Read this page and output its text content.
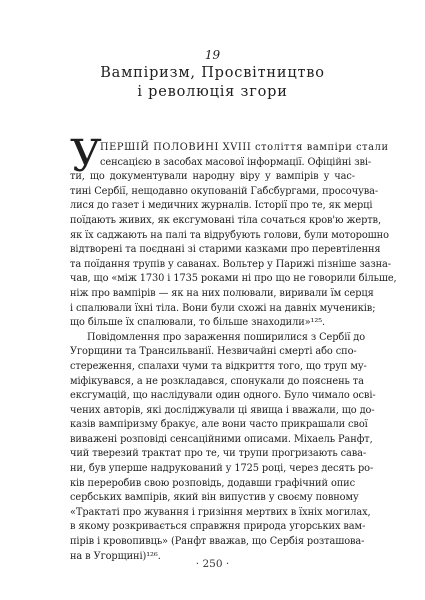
19
Вампіризм, Просвітництво
і революція згори
У
ПЕРШІЙ ПОЛОВИНІ XVIII століття вампіри стали
сенсацією в засобах масової інформації. Офіційні зві-
ти, що документували народну віру у вампірів у час-
тині Сербії, нещодавно окупованій Габсбургами, просочува-
лися до газет і медичних журналів. Історії про те, як мерці
поїдають живих, як ексгумовані тіла сочаться кров'ю жертв,
як їх саджають на палі та відрубують голови, були моторошно
відтворені та поєднані зі старими казками про перевтілення
та поїдання трупів у саванах. Вольтер у Парижі пізніше зазна-
чав, що «між 1730 і 1735 роками ні про що не говорили більше,
ніж про вампірів — як на них полювали, виривали їм серця
і спалювали їхні тіла. Вони були схожі на давніх мучеників;
що більше їх спалювали, то більше знаходили»¹²⁵.
Повідомлення про зараження поширилися з Сербії до
Угорщини та Трансильванії. Незвичайні смерті або спо-
стереження, спалахи чуми та відкриття того, що труп му-
міфікувався, а не розкладався, спонукали до пояснень та
ексгумацій, що наслідували один одного. Було чимало осві-
чених авторів, які досліджували ці явища і вважали, що до-
казів вампіризму бракує, але вони часто прикрашали свої
виважені розповіді сенсаційними описами. Міхаель Ранфт,
чий тверезий трактат про те, чи трупи прогризають сава-
ни, був уперше надрукований у 1725 році, через десять ро-
ків переробив свою розповідь, додавши графічний опис
сербських вампірів, який він випустив у своєму повному
«Трактаті про жування і гризіння мертвих в їхніх могилах,
в якому розкривається справжня природа угорських вам-
пірів і кровопивць» (Ранфт вважав, що Сербія розташова-
на в Угорщині)¹²⁶.
· 250 ·
